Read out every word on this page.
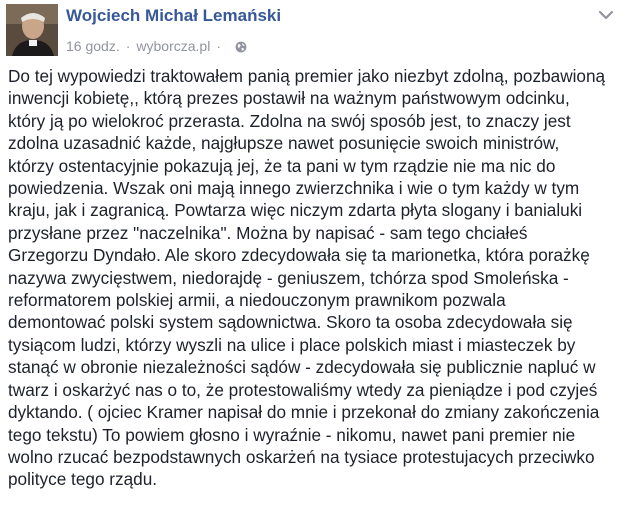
Wojciech Michał Lemański
16 godz. · wyborcza.pl ·
Do tej wypowiedzi traktowałem panią premier jako niezbyt zdolną, pozbawioną
inwencji kobietę,, którą prezes postawił na ważnym państwowym odcinku,
który ją po wielokroć przerasta. Zdolna na swój sposób jest, to znaczy jest
zdolna uzasadnić każde, najgłupsze nawet posunięcie swoich ministrów,
którzy ostentacyjnie pokazują jej, że ta pani w tym rządzie nie ma nic do
powiedzenia. Wszak oni mają innego zwierzchnika i wie o tym każdy w tym
kraju, jak i zagranicą. Powtarza więc niczym zdarta płyta slogany i banialuki
przysłane przez "naczelnika". Można by napisać - sam tego chciałeś
Grzegorzu Dyndało. Ale skoro zdecydowała się ta marionetka, która porażkę
nazywa zwycięstwem, niedorajdę - geniuszem, tchórza spod Smoleńska -
reformatorem polskiej armii, a niedouczonym prawnikom pozwala
demontować polski system sądownictwa. Skoro ta osoba zdecydowała się
tysiącom ludzi, którzy wyszli na ulice i place polskich miast i miasteczek by
stanąć w obronie niezależności sądów - zdecydowała się publicznie napluć w
twarz i oskarżyć nas o to, że protestowaliśmy wtedy za pieniądze i pod czyjeś
dyktando. ( ojciec Kramer napisał do mnie i przekonał do zmiany zakończenia
tego tekstu) To powiem głosno i wyraźnie - nikomu, nawet pani premier nie
wolno rzucać bezpodstawnych oskarżeń na tysiace protestujacych przeciwko
polityce tego rządu.
